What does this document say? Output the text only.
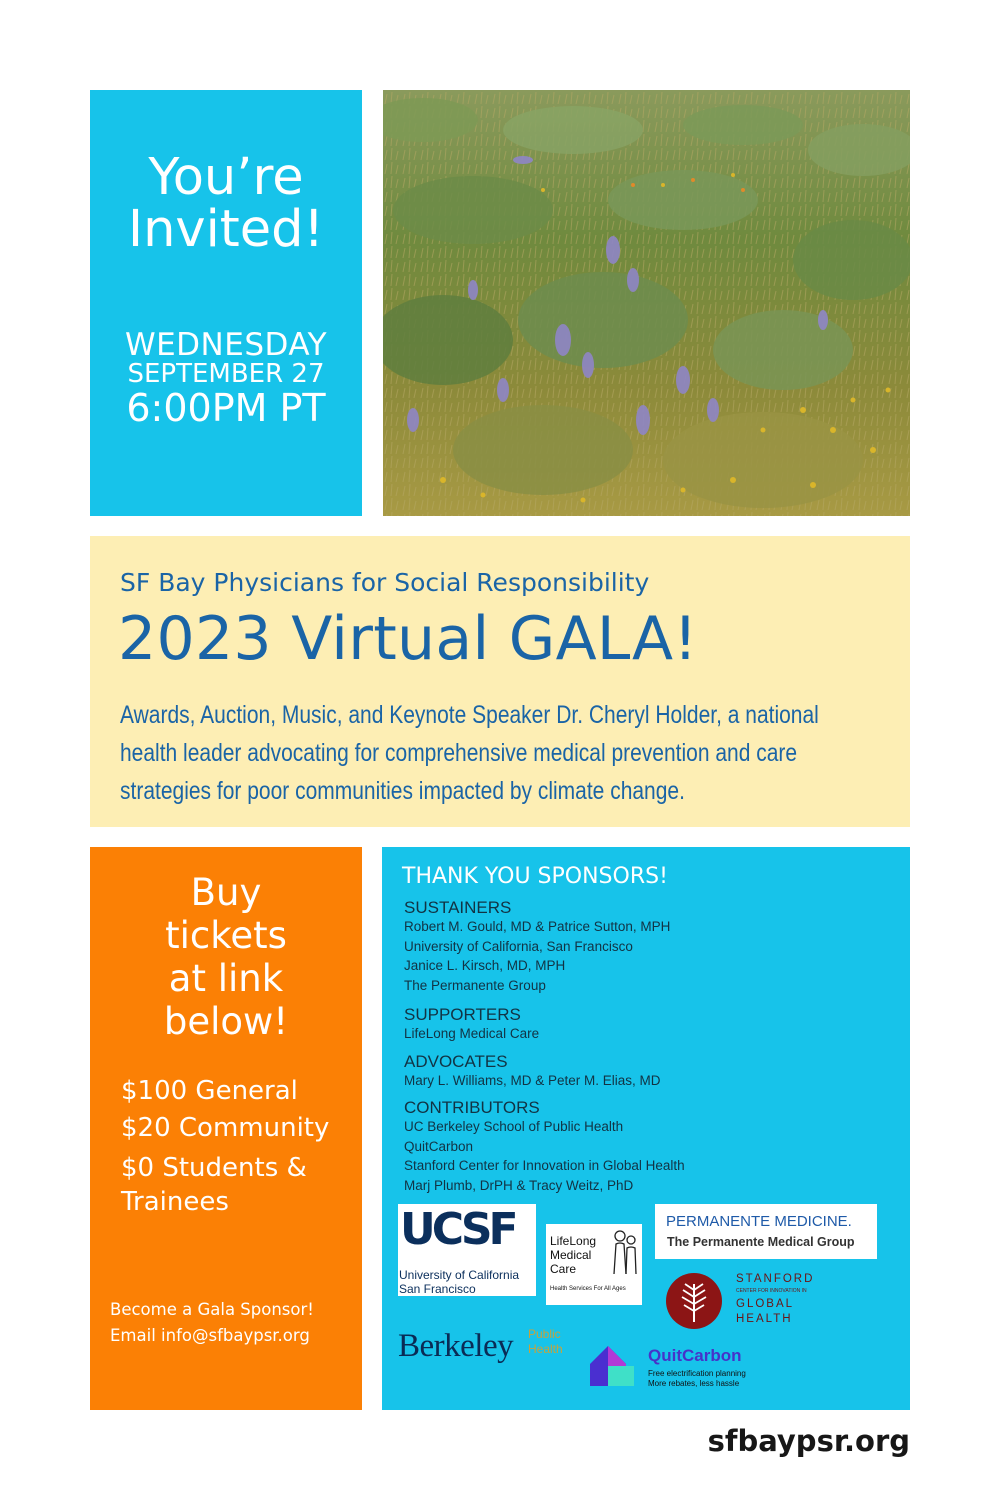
You’re
Invited!
WEDNESDAY
SEPTEMBER 27
6:00PM PT
SF Bay Physicians for Social Responsibility
2023 Virtual GALA!
Awards, Auction, Music, and Keynote Speaker Dr. Cheryl Holder, a national health leader advocating for comprehensive medical prevention and care strategies for poor communities impacted by climate change.
Buy
tickets
at link
below!
$100 General
$20 Community
$0 Students &
Trainees
Become a Gala Sponsor!
Email info@sfbaypsr.org
THANK YOU SPONSORS!
SUSTAINERS
Robert M. Gould, MD & Patrice Sutton, MPH
University of California, San Francisco
Janice L. Kirsch, MD, MPH
The Permanente Group
SUPPORTERS
LifeLong Medical Care
ADVOCATES
Mary L. Williams, MD & Peter M. Elias, MD
CONTRIBUTORS
UC Berkeley School of Public Health
QuitCarbon
Stanford Center for Innovation in Global Health
Marj Plumb, DrPH & Tracy Weitz, PhD
UCSF
University of California
San Francisco
LifeLong
Medical
Care
Health Services For All Ages
PERMANENTE MEDICINE.
The Permanente Medical Group
STANFORD
CENTER FOR INNOVATION IN
GLOBAL
HEALTH
Berkeley Public
Health	QuitCarbon
Free electrification planning
More rebates, less hassle
sfbaypsr.org
